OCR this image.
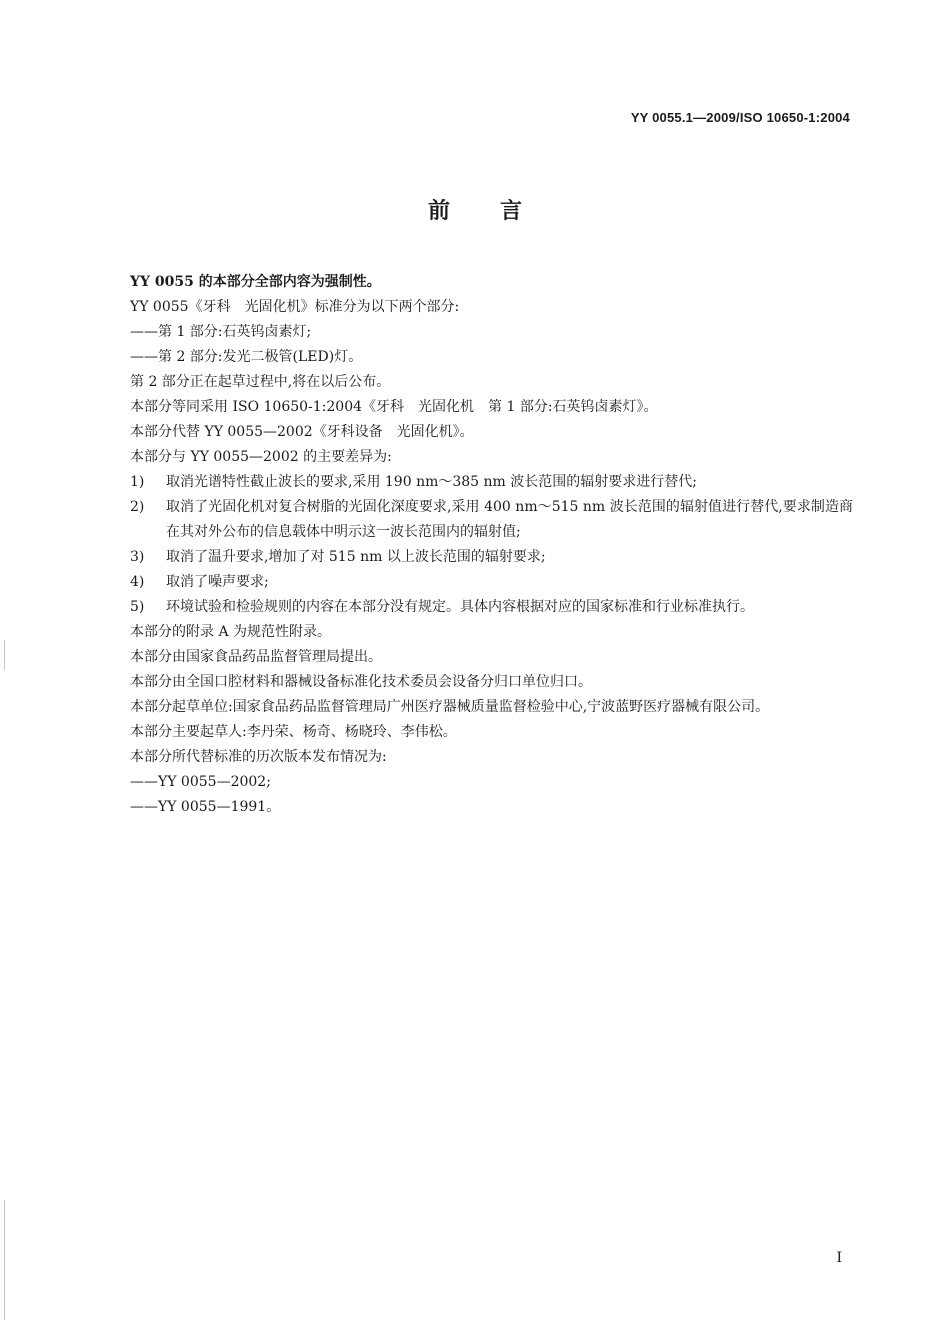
YY 0055.1—2009/ISO 10650-1:2004
前言

YY 0055 的本部分全部内容为强制性。

YY 0055《牙科　光固化机》标准分为以下两个部分:

——第 1 部分:石英钨卤素灯;

——第 2 部分:发光二极管(LED)灯。

第 2 部分正在起草过程中,将在以后公布。

本部分等同采用 ISO 10650-1:2004《牙科　光固化机　第 1 部分:石英钨卤素灯》。

本部分代替 YY 0055—2002《牙科设备　光固化机》。

本部分与 YY 0055—2002 的主要差异为:

1)	取消光谱特性截止波长的要求,采用 190 nm～385 nm 波长范围的辐射要求进行替代;
2)	取消了光固化机对复合树脂的光固化深度要求,采用 400 nm～515 nm 波长范围的辐射值进行替代,要求制造商在其对外公布的信息载体中明示这一波长范围内的辐射值;
3)	取消了温升要求,增加了对 515 nm 以上波长范围的辐射要求;
4)	取消了噪声要求;
5)	环境试验和检验规则的内容在本部分没有规定。具体内容根据对应的国家标准和行业标准执行。

本部分的附录 A 为规范性附录。

本部分由国家食品药品监督管理局提出。

本部分由全国口腔材料和器械设备标准化技术委员会设备分归口单位归口。

本部分起草单位:国家食品药品监督管理局广州医疗器械质量监督检验中心,宁波蓝野医疗器械有限公司。

本部分主要起草人:李丹荣、杨奇、杨晓玲、李伟松。

本部分所代替标准的历次版本发布情况为:

——YY 0055—2002;

——YY 0055—1991。

I
